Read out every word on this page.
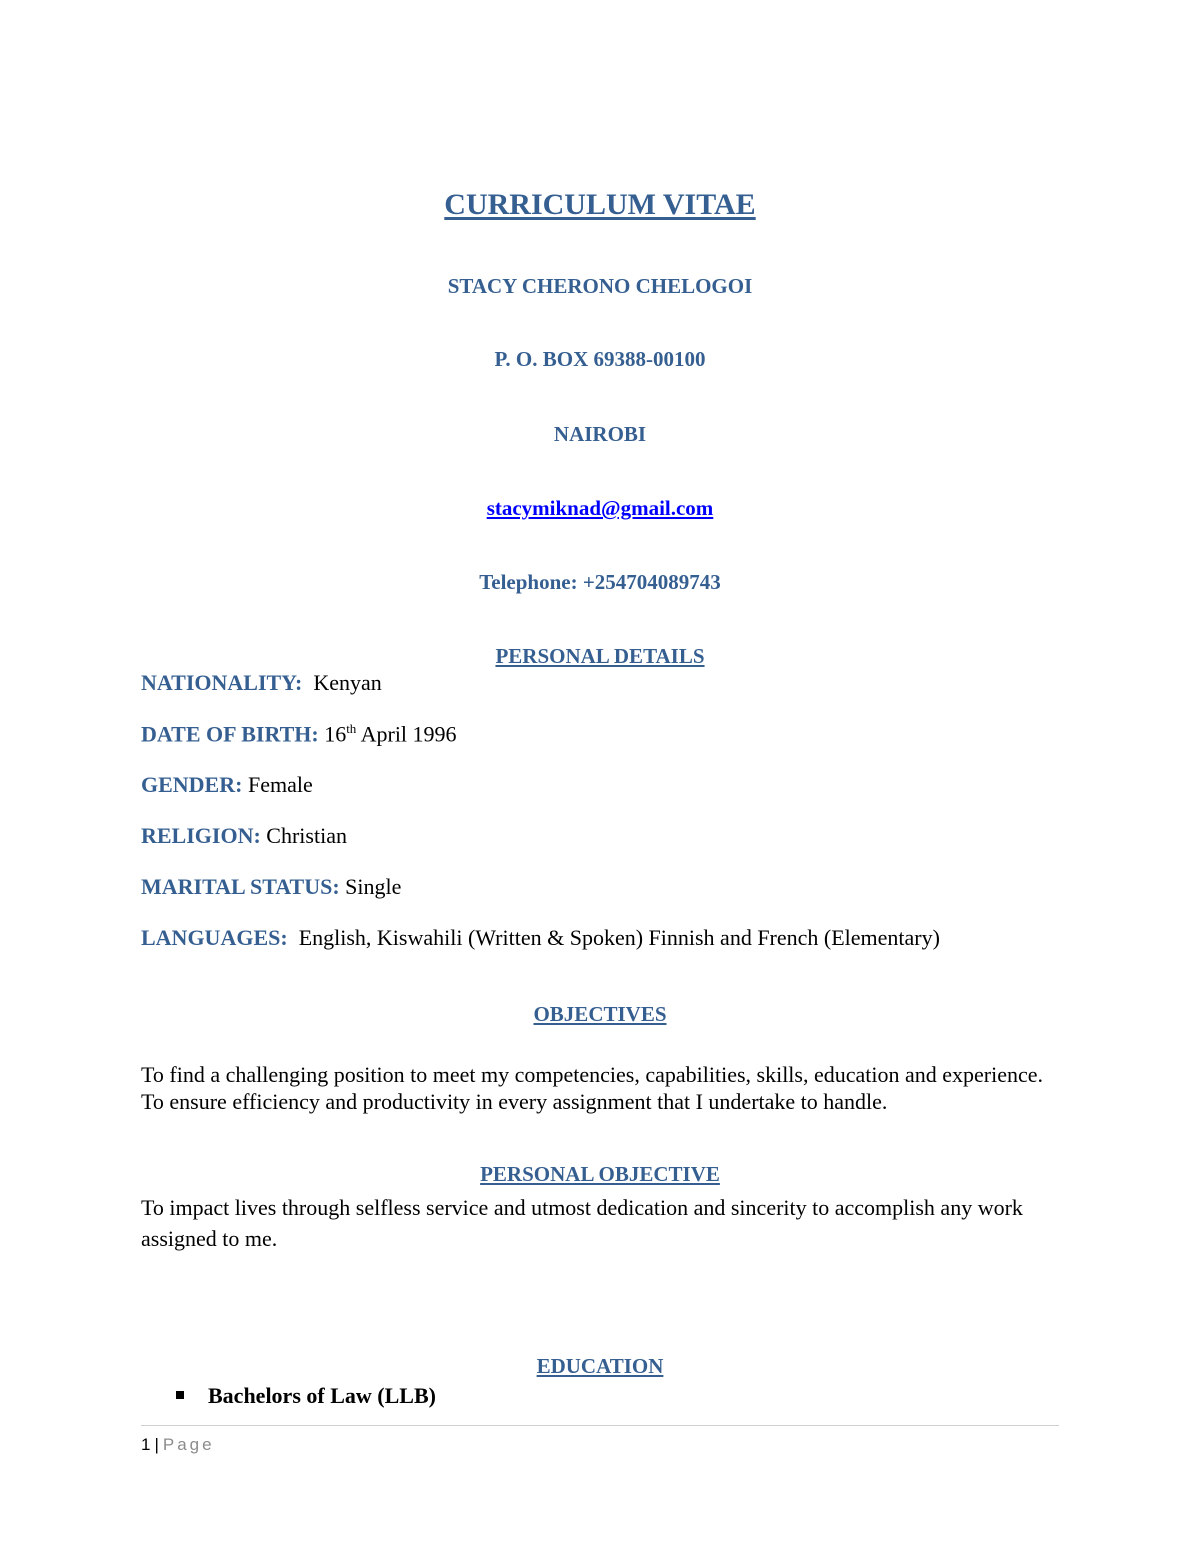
CURRICULUM VITAE
STACY CHERONO CHELOGOI
P. O. BOX 69388-00100
NAIROBI
stacymiknad@gmail.com
Telephone: +254704089743
PERSONAL DETAILS
NATIONALITY: Kenyan
DATE OF BIRTH: 16th April 1996
GENDER: Female
RELIGION: Christian
MARITAL STATUS: Single
LANGUAGES: English, Kiswahili (Written & Spoken) Finnish and French (Elementary)
OBJECTIVES
To find a challenging position to meet my competencies, capabilities, skills, education and experience. To ensure efficiency and productivity in every assignment that I undertake to handle.
PERSONAL OBJECTIVE
To impact lives through selfless service and utmost dedication and sincerity to accomplish any work assigned to me.
EDUCATION
Bachelors of Law (LLB)
1 | Page
